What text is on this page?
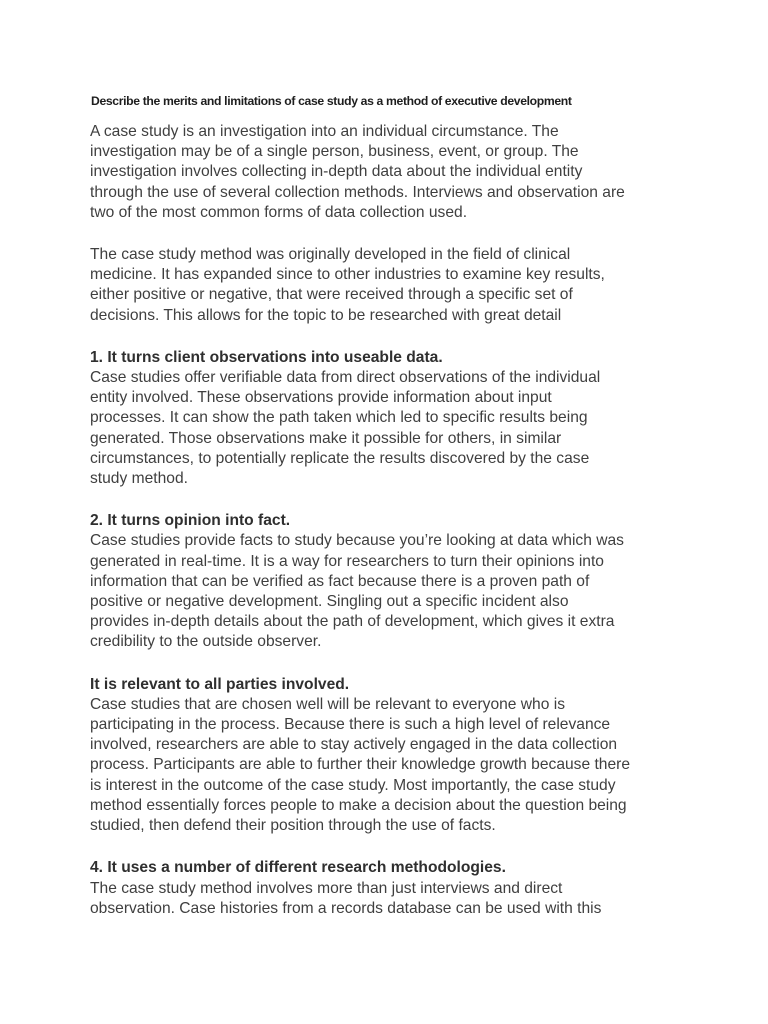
Describe the merits and limitations of case study as a method of executive development

A case study is an investigation into an individual circumstance. The
investigation may be of a single person, business, event, or group. The
investigation involves collecting in-depth data about the individual entity
through the use of several collection methods. Interviews and observation are
two of the most common forms of data collection used.

The case study method was originally developed in the field of clinical
medicine. It has expanded since to other industries to examine key results,
either positive or negative, that were received through a specific set of
decisions. This allows for the topic to be researched with great detail

1. It turns client observations into useable data.

Case studies offer verifiable data from direct observations of the individual
entity involved. These observations provide information about input
processes. It can show the path taken which led to specific results being
generated. Those observations make it possible for others, in similar
circumstances, to potentially replicate the results discovered by the case
study method.

2. It turns opinion into fact.

Case studies provide facts to study because you’re looking at data which was
generated in real-time. It is a way for researchers to turn their opinions into
information that can be verified as fact because there is a proven path of
positive or negative development. Singling out a specific incident also
provides in-depth details about the path of development, which gives it extra
credibility to the outside observer.

It is relevant to all parties involved.

Case studies that are chosen well will be relevant to everyone who is
participating in the process. Because there is such a high level of relevance
involved, researchers are able to stay actively engaged in the data collection
process. Participants are able to further their knowledge growth because there
is interest in the outcome of the case study. Most importantly, the case study
method essentially forces people to make a decision about the question being
studied, then defend their position through the use of facts.

4. It uses a number of different research methodologies.

The case study method involves more than just interviews and direct
observation. Case histories from a records database can be used with this
